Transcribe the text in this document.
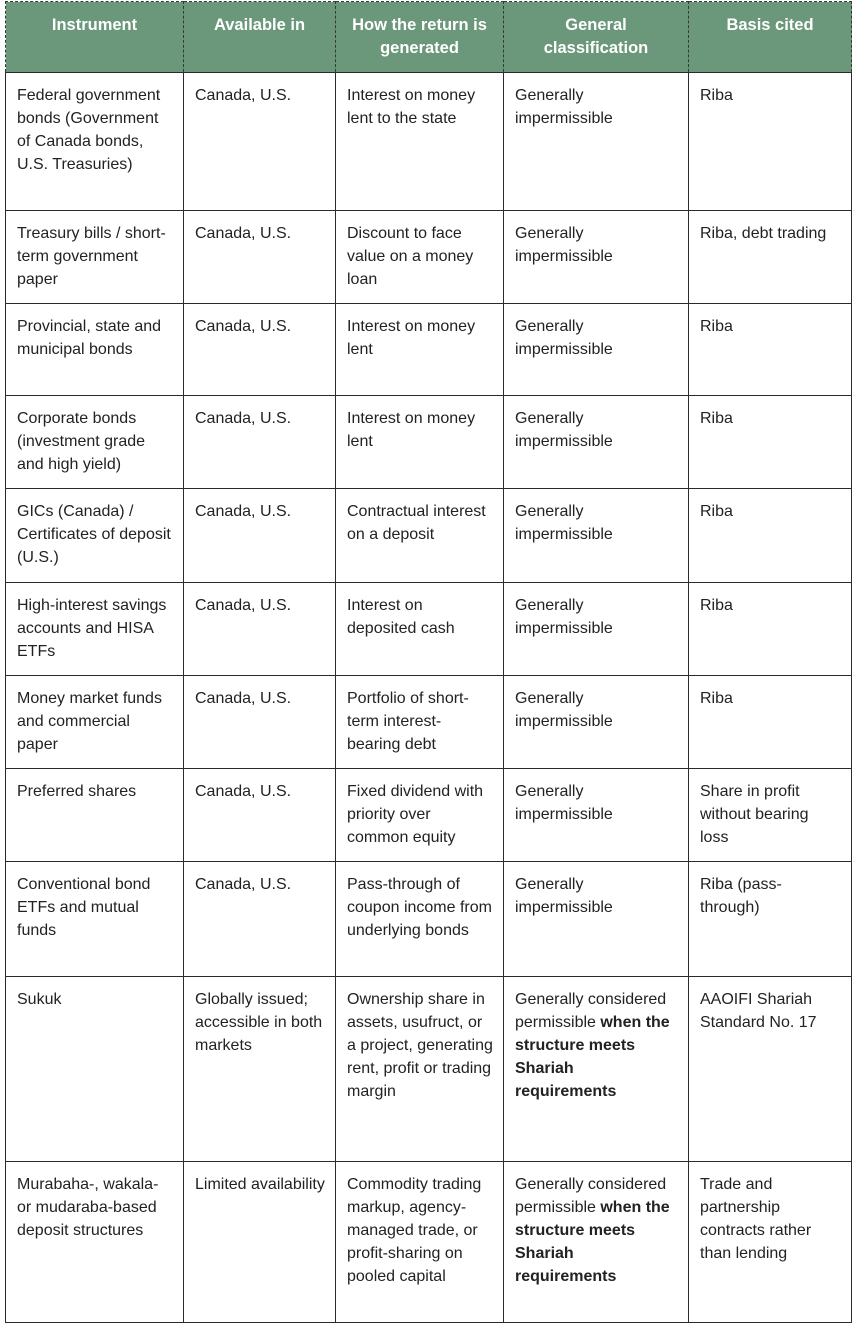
Instrument	Available in	How the return is generated	General classification	Basis cited
Federal government bonds (Government of Canada bonds, U.S. Treasuries)	Canada, U.S.	Interest on money lent to the state	Generally impermissible	Riba
Treasury bills / short-term government paper	Canada, U.S.	Discount to face value on a money loan	Generally impermissible	Riba, debt trading
Provincial, state and municipal bonds	Canada, U.S.	Interest on money lent	Generally impermissible	Riba
Corporate bonds (investment grade and high yield)	Canada, U.S.	Interest on money lent	Generally impermissible	Riba
GICs (Canada) / Certificates of deposit (U.S.)	Canada, U.S.	Contractual interest on a deposit	Generally impermissible	Riba
High-interest savings accounts and HISA ETFs	Canada, U.S.	Interest on deposited cash	Generally impermissible	Riba
Money market funds and commercial paper	Canada, U.S.	Portfolio of short-term interest-bearing debt	Generally impermissible	Riba
Preferred shares	Canada, U.S.	Fixed dividend with priority over common equity	Generally impermissible	Share in profit without bearing loss
Conventional bond ETFs and mutual funds	Canada, U.S.	Pass-through of coupon income from underlying bonds	Generally impermissible	Riba (pass-through)
Sukuk	Globally issued; accessible in both markets	Ownership share in assets, usufruct, or a project, generating rent, profit or trading margin	Generally considered permissible when the structure meets Shariah requirements	AAOIFI Shariah Standard No. 17
Murabaha-, wakala- or mudaraba-based deposit structures	Limited availability	Commodity trading markup, agency-managed trade, or profit-sharing on pooled capital	Generally considered permissible when the structure meets Shariah requirements	Trade and partnership contracts rather than lending
